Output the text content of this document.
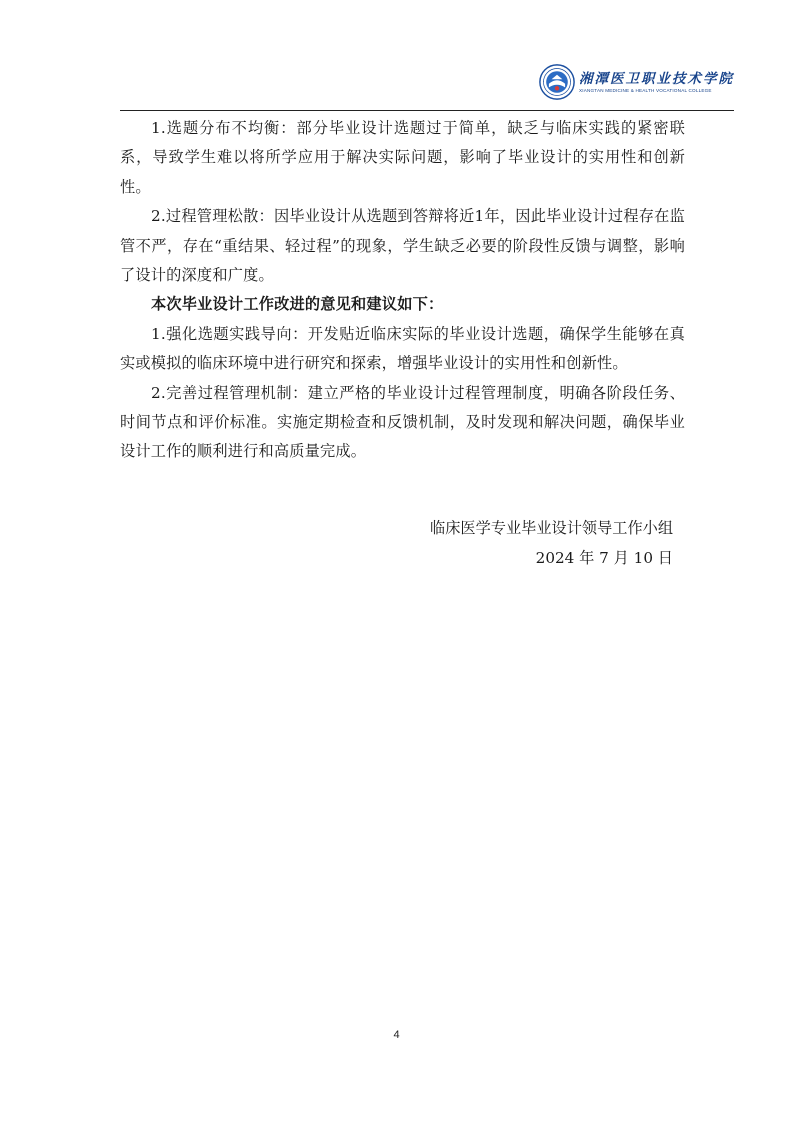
湘潭医卫职业技术学院
XIANGTAN MEDICINE & HEALTH VOCATIONAL COLLEGE

1.选题分布不均衡：部分毕业设计选题过于简单，缺乏与临床实践的紧密联系，导致学生难以将所学应用于解决实际问题，影响了毕业设计的实用性和创新性。

2.过程管理松散：因毕业设计从选题到答辩将近1年，因此毕业设计过程存在监管不严，存在“重结果、轻过程”的现象，学生缺乏必要的阶段性反馈与调整，影响了设计的深度和广度。

本次毕业设计工作改进的意见和建议如下：

1.强化选题实践导向：开发贴近临床实际的毕业设计选题，确保学生能够在真实或模拟的临床环境中进行研究和探索，增强毕业设计的实用性和创新性。

2.完善过程管理机制：建立严格的毕业设计过程管理制度，明确各阶段任务、时间节点和评价标准。实施定期检查和反馈机制，及时发现和解决问题，确保毕业设计工作的顺利进行和高质量完成。

临床医学专业毕业设计领导工作小组
2024 年 7 月 10 日
4
